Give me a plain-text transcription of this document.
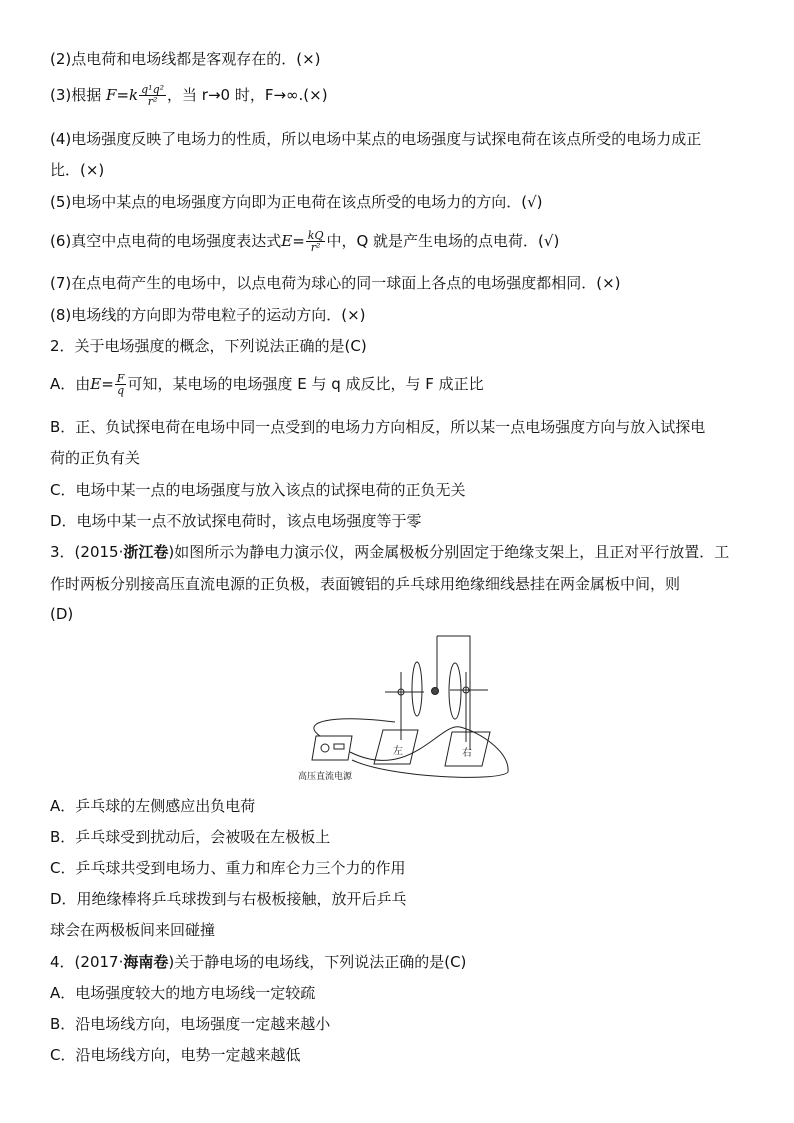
(2)点电荷和电场线都是客观存在的．(×)
(3)根据 $F=k \frac{\text{q¹q²}}{\text{r²}}$ ，当 r→0 时，F→∞.(×)
(4)电场强度反映了电场力的性质，所以电场中某点的电场强度与试探电荷在该点所受的电场力成正
比．(×)
(5)电场中某点的电场强度方向即为正电荷在该点所受的电场力的方向．(√)
(6)真空中点电荷的电场强度表达式$E= \frac{kQ}{\text{r²}}$ 中，Q 就是产生电场的点电荷．(√)
(7)在点电荷产生的电场中，以点电荷为球心的同一球面上各点的电场强度都相同．(×)
(8)电场线的方向即为带电粒子的运动方向．(×)
2．关于电场强度的概念，下列说法正确的是(C)
A．由$E= \frac{F}{q}$ 可知，某电场的电场强度 E 与 q 成反比，与 F 成正比
B．正、负试探电荷在电场中同一点受到的电场力方向相反，所以某一点电场强度方向与放入试探电
荷的正负有关
C．电场中某一点的电场强度与放入该点的试探电荷的正负无关
D．电场中某一点不放试探电荷时，该点电场强度等于零
3．(2015·浙江卷)如图所示为静电力演示仪，两金属极板分别固定于绝缘支架上，且正对平行放置．工
作时两板分别接高压直流电源的正负极，表面镀铝的乒乓球用绝缘细线悬挂在两金属板中间，则
(D)
左	右
高压直流电源
A．乒乓球的左侧感应出负电荷
B．乒乓球受到扰动后，会被吸在左极板上
C．乒乓球共受到电场力、重力和库仑力三个力的作用
D．用绝缘棒将乒乓球拨到与右极板接触，放开后乒乓
球会在两极板间来回碰撞
4．(2017·海南卷)关于静电场的电场线，下列说法正确的是(C)
A．电场强度较大的地方电场线一定较疏
B．沿电场线方向，电场强度一定越来越小
C．沿电场线方向，电势一定越来越低
